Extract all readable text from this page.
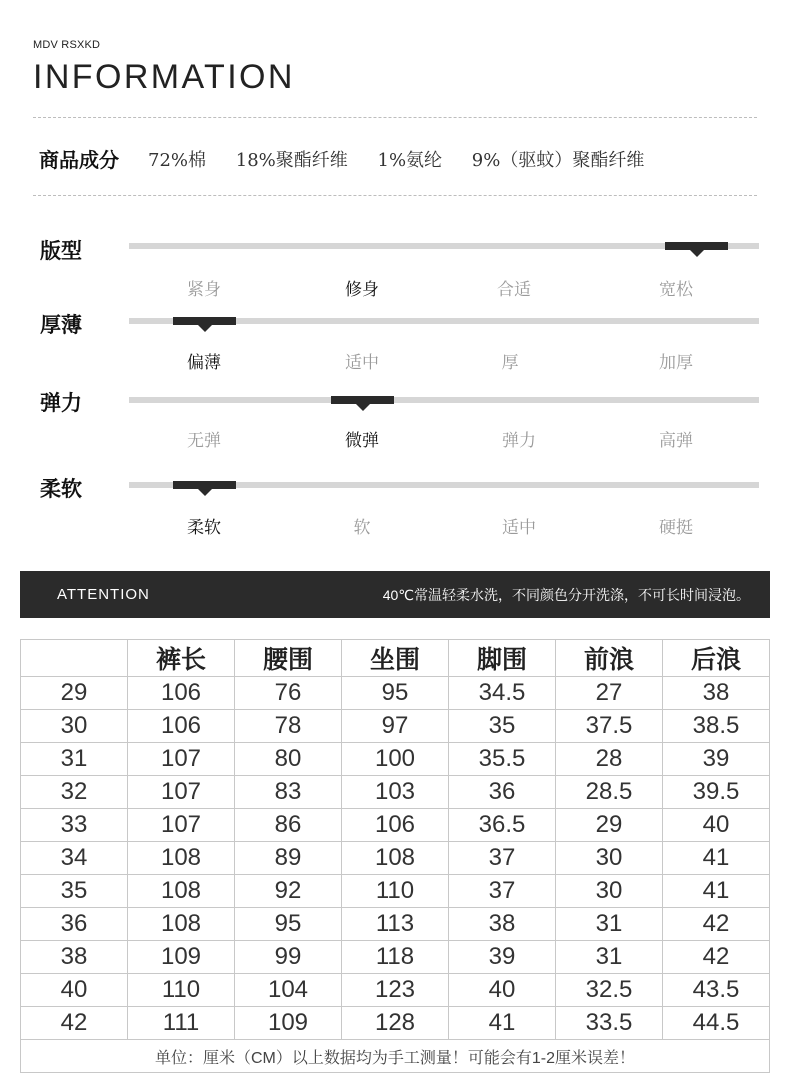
MDV RSXKD
INFORMATION
商品成分 72%棉 18%聚酯纤维 1%氨纶 9%（驱蚊）聚酯纤维
版型
紧身	修身	合适	宽松
厚薄
偏薄	适中	厚	加厚
弹力
无弹	微弹	弹力	高弹
柔软
柔软	软	适中	硬挺
ATTENTION	40℃常温轻柔水洗，不同颜色分开洗涤，不可长时间浸泡。
	裤长	腰围	坐围	脚围	前浪	后浪
29	106	76	95	34.5	27	38
30	106	78	97	35	37.5	38.5
31	107	80	100	35.5	28	39
32	107	83	103	36	28.5	39.5
33	107	86	106	36.5	29	40
34	108	89	108	37	30	41
35	108	92	110	37	30	41
36	108	95	113	38	31	42
38	109	99	118	39	31	42
40	110	104	123	40	32.5	43.5
42	111	109	128	41	33.5	44.5
单位：厘米（CM）以上数据均为手工测量！可能会有1-2厘米误差！						
